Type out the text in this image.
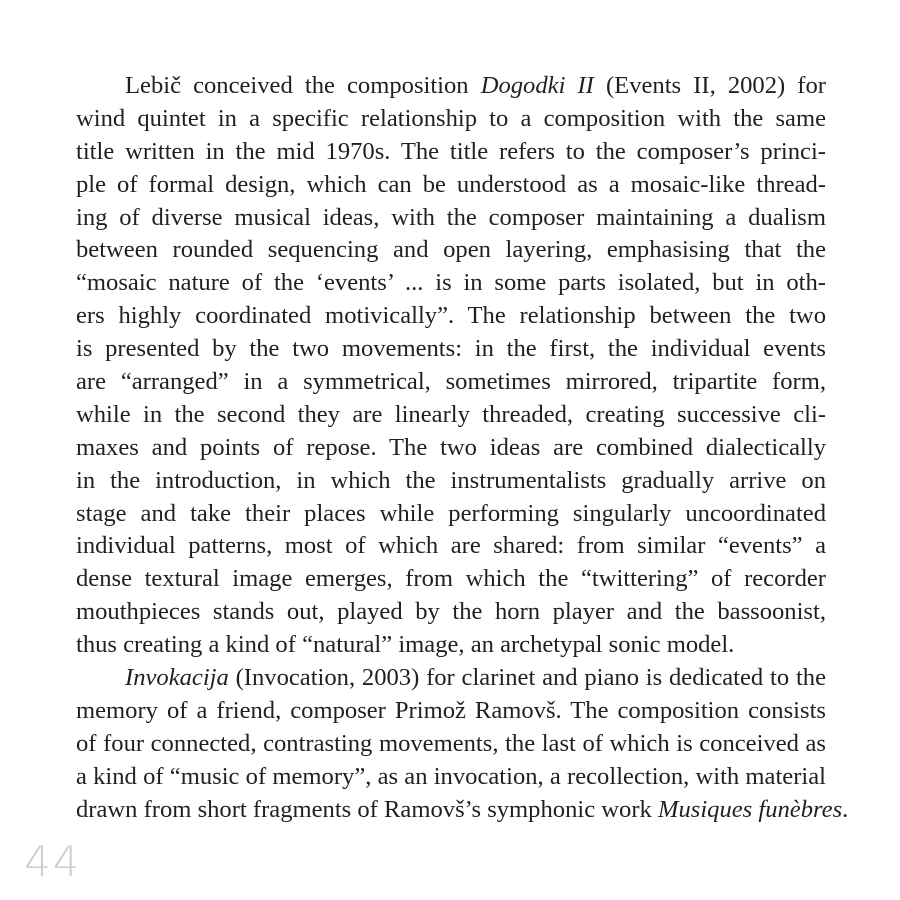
Lebič conceived the composition Dogodki II (Events II, 2002) for
wind quintet in a specific relationship to a composition with the same
title written in the mid 1970s. The title refers to the composer’s princi-
ple of formal design, which can be understood as a mosaic-like thread-
ing of diverse musical ideas, with the composer maintaining a dualism
between rounded sequencing and open layering, emphasising that the
“mosaic nature of the ‘events’ ... is in some parts isolated, but in oth-
ers highly coordinated motivically”. The relationship between the two
is presented by the two movements: in the first, the individual events
are “arranged” in a symmetrical, sometimes mirrored, tripartite form,
while in the second they are linearly threaded, creating successive cli-
maxes and points of repose. The two ideas are combined dialectically
in the introduction, in which the instrumentalists gradually arrive on
stage and take their places while performing singularly uncoordinated
individual patterns, most of which are shared: from similar “events” a
dense textural image emerges, from which the “twittering” of recorder
mouthpieces stands out, played by the horn player and the bassoonist,
thus creating a kind of “natural” image, an archetypal sonic model.
Invokacija (Invocation, 2003) for clarinet and piano is dedicated to the
memory of a friend, composer Primož Ramovš. The composition consists
of four connected, contrasting movements, the last of which is conceived as
a kind of “music of memory”, as an invocation, a recollection, with material
drawn from short fragments of Ramovš’s symphonic work Musiques funèbres.
44
